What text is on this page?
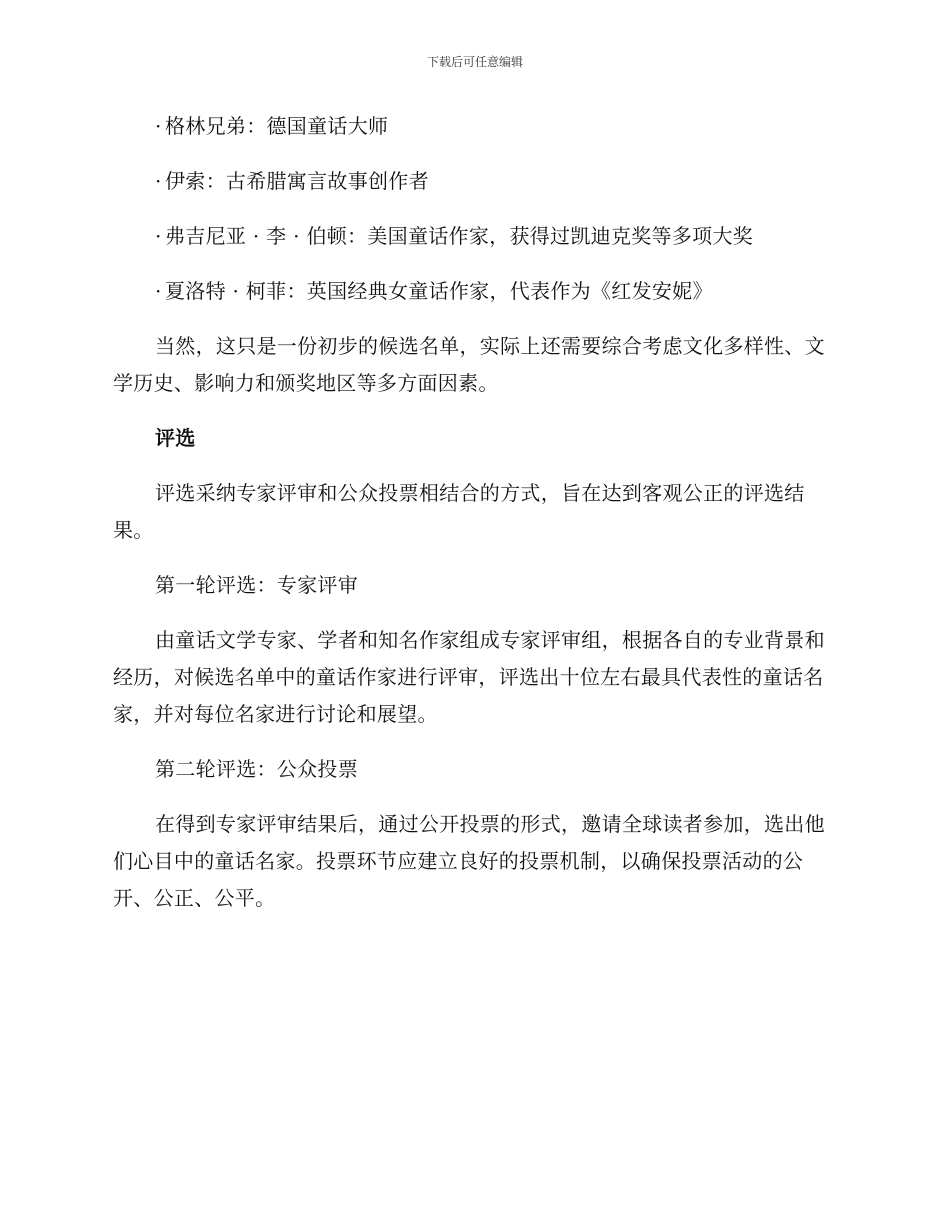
下载后可任意编辑
· 格林兄弟：德国童话大师
· 伊索：古希腊寓言故事创作者
· 弗吉尼亚 · 李 · 伯顿：美国童话作家，获得过凯迪克奖等多项大奖
· 夏洛特 · 柯菲：英国经典女童话作家，代表作为《红发安妮》
当然，这只是一份初步的候选名单，实际上还需要综合考虑文化多样性、文学历史、影响力和颁奖地区等多方面因素。
评选
评选采纳专家评审和公众投票相结合的方式，旨在达到客观公正的评选结果。
第一轮评选：专家评审
由童话文学专家、学者和知名作家组成专家评审组，根据各自的专业背景和经历，对候选名单中的童话作家进行评审，评选出十位左右最具代表性的童话名家，并对每位名家进行讨论和展望。
第二轮评选：公众投票
在得到专家评审结果后，通过公开投票的形式，邀请全球读者参加，选出他们心目中的童话名家。投票环节应建立良好的投票机制，以确保投票活动的公开、公正、公平。
